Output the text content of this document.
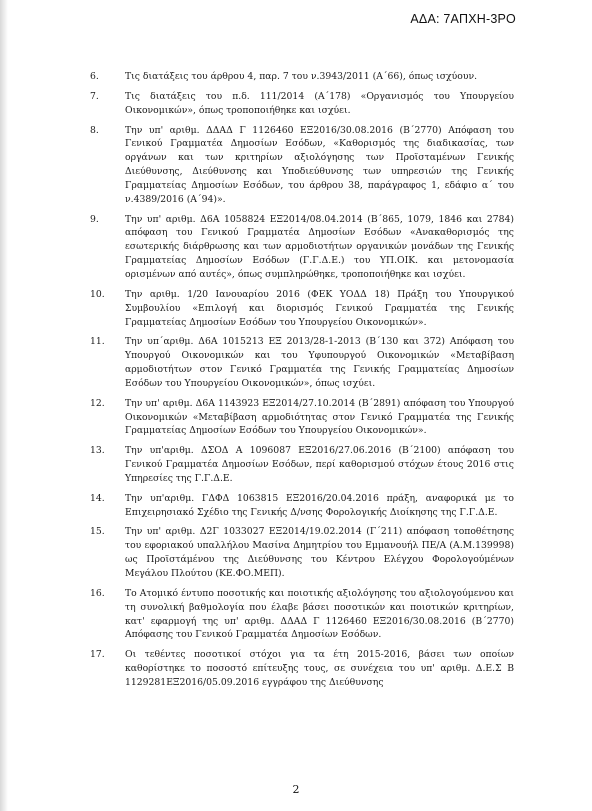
ΑΔΑ: 7ΑΠΧΗ-3ΡΟ
6.	Τις διατάξεις του άρθρου 4, παρ. 7 του ν.3943/2011 (Α΄66), όπως ισχύουν.
7.	Τις διατάξεις του π.δ. 111/2014 (Α΄178) «Οργανισμός του Υπουργείου Οικονομικών», όπως τροποποιήθηκε και ισχύει.
8.	Την υπ' αριθμ. ΔΔΑΔ Γ 1126460 ΕΞ2016/30.08.2016 (Β΄2770) Απόφαση του Γενικού Γραμματέα Δημοσίων Εσόδων, «Καθορισμός της διαδικασίας, των οργάνων και των κριτηρίων αξιολόγησης των Προϊσταμένων Γενικής Διεύθυνσης, Διεύθυνσης και Υποδιεύθυνσης των υπηρεσιών της Γενικής Γραμματείας Δημοσίων Εσόδων, του άρθρου 38, παράγραφος 1, εδάφιο α΄ του ν.4389/2016 (Α΄94)».
9.	Την υπ' αριθμ. Δ6Α 1058824 ΕΞ2014/08.04.2014 (Β΄865, 1079, 1846 και 2784) απόφαση του Γενικού Γραμματέα Δημοσίων Εσόδων «Ανακαθορισμός της εσωτερικής διάρθρωσης και των αρμοδιοτήτων οργανικών μονάδων της Γενικής Γραμματείας Δημοσίων Εσόδων (Γ.Γ.Δ.Ε.) του ΥΠ.ΟΙΚ. και μετονομασία ορισμένων από αυτές», όπως συμπληρώθηκε, τροποποιήθηκε και ισχύει.
10. Την αριθμ. 1/20 Ιανουαρίου 2016 (ΦΕΚ ΥΟΔΔ 18) Πράξη του Υπουργικού Συμβουλίου «Επιλογή και διορισμός Γενικού Γραμματέα της Γενικής Γραμματείας Δημοσίων Εσόδων του Υπουργείου Οικονομικών».
11. Την υπ΄αριθμ. Δ6Α 1015213 ΕΞ 2013/28-1-2013 (Β΄130 και 372) Απόφαση του Υπουργού Οικονομικών και του Υφυπουργού Οικονομικών «Μεταβίβαση αρμοδιοτήτων στον Γενικό Γραμματέα της Γενικής Γραμματείας Δημοσίων Εσόδων του Υπουργείου Οικονομικών», όπως ισχύει.
12. Την υπ' αριθμ. Δ6Α 1143923 ΕΞ2014/27.10.2014 (Β΄2891) απόφαση του Υπουργού Οικονομικών «Μεταβίβαση αρμοδιότητας στον Γενικό Γραμματέα της Γενικής Γραμματείας Δημοσίων Εσόδων του Υπουργείου Οικονομικών».
13. Την υπ'αριθμ. ΔΣΟΔ Α 1096087 ΕΞ2016/27.06.2016 (Β΄2100) απόφαση του Γενικού Γραμματέα Δημοσίων Εσόδων, περί καθορισμού στόχων έτους 2016 στις Υπηρεσίες της Γ.Γ.Δ.Ε.
14. Την υπ'αριθμ. ΓΔΦΔ 1063815 ΕΞ2016/20.04.2016 πράξη, αναφορικά με το Επιχειρησιακό Σχέδιο της Γενικής Δ/νσης Φορολογικής Διοίκησης της Γ.Γ.Δ.Ε.
15. Την υπ' αριθμ. Δ2Γ 1033027 ΕΞ2014/19.02.2014 (Γ΄211) απόφαση τοποθέτησης του εφοριακού υπαλλήλου Μασίνα Δημητρίου του Εμμανουήλ ΠΕ/Α (Α.Μ.139998) ως Προϊστάμένου της Διεύθυνσης του Κέντρου Ελέγχου Φορολογούμένων Μεγάλου Πλούτου (ΚΕ.ΦΟ.ΜΕΠ).
16. Το Ατομικό έντυπο ποσοτικής και ποιοτικής αξιολόγησης του αξιολογούμενου και τη συνολική βαθμολογία που έλαβε βάσει ποσοτικών και ποιοτικών κριτηρίων, κατ' εφαρμογή της υπ' αριθμ. ΔΔΑΔ Γ 1126460 ΕΞ2016/30.08.2016 (Β΄2770) Απόφασης του Γενικού Γραμματέα Δημοσίων Εσόδων.
17. Οι τεθέντες ποσοτικοί στόχοι για τα έτη 2015-2016, βάσει των οποίων καθορίστηκε το ποσοστό επίτευξης τους, σε συνέχεια του υπ' αριθμ. Δ.Ε.Σ Β 1129281ΕΞ2016/05.09.2016 εγγράφου της Διεύθυνσης
2
